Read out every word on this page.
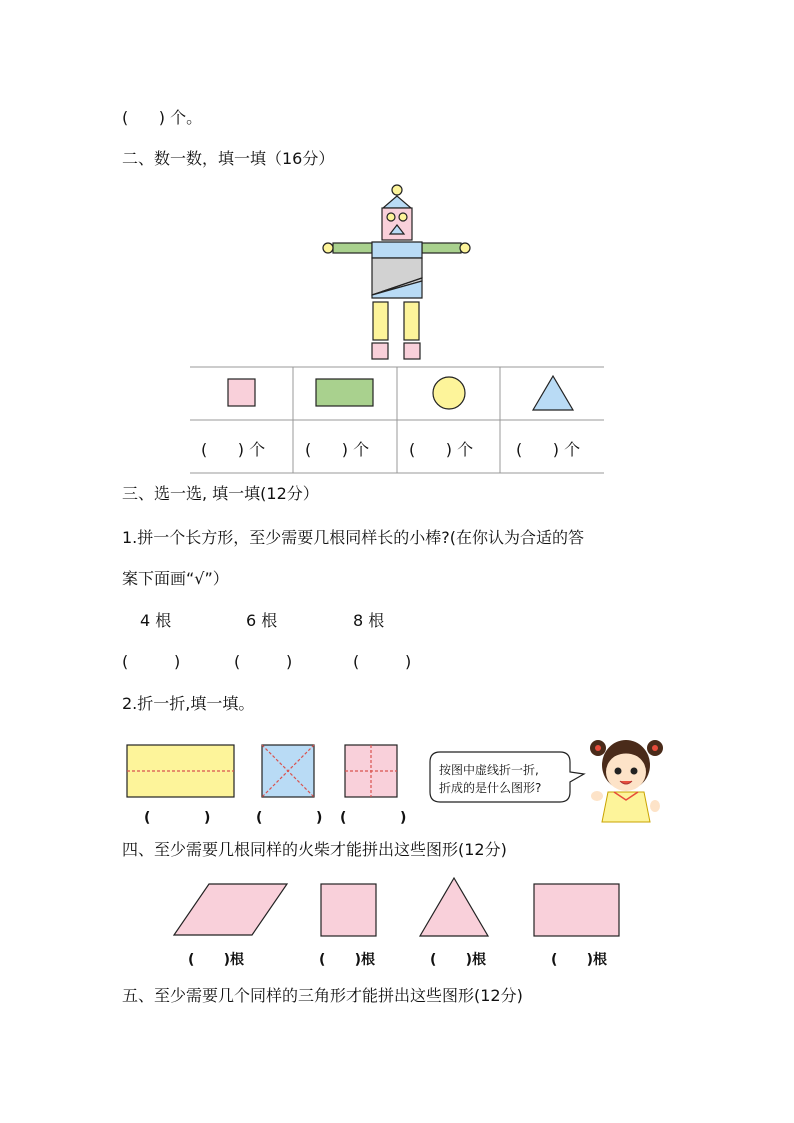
(      ) 个。
二、数一数，填一填（16分）
(      ) 个 (      ) 个 (      ) 个	(      ) 个
三、选一选, 填一填(12分）
1.拼一个长方形，至少需要几根同样长的小棒?(在你认为合适的答
案下面画“√”）
4 根	6 根	8 根
(         )	(         )	(         )
2.折一折,填一填。
(           )	(           ) (           )
按图中虚线折一折,
折成的是什么图形?
四、至少需要几根同样的火柴才能拼出这些图形(12分)
(      )根	(      )根	(      )根	(      )根
五、至少需要几个同样的三角形才能拼出这些图形(12分)
